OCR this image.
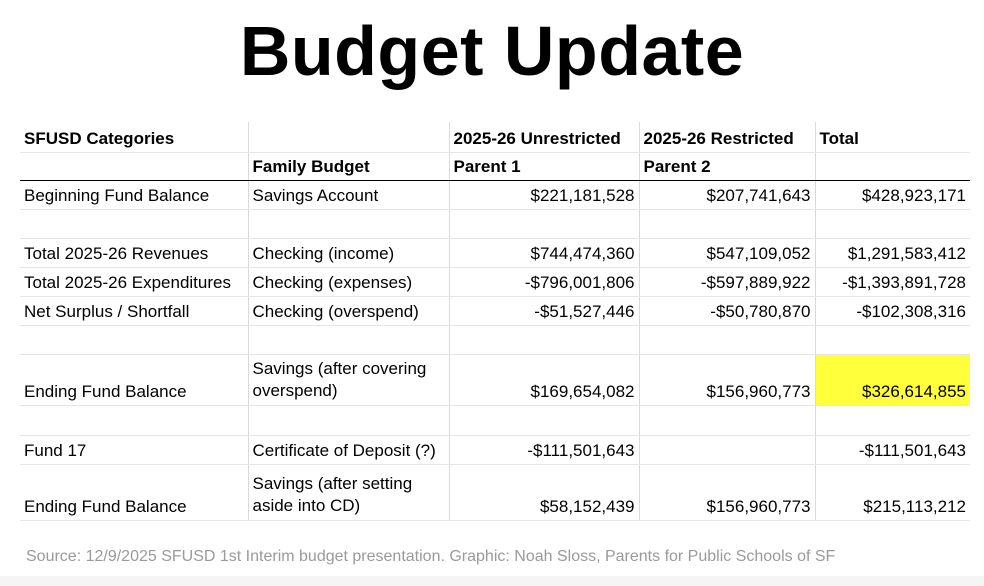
Budget Update
SFUSD Categories		2025-26 Unrestricted	2025-26 Restricted	Total
	Family Budget	Parent 1	Parent 2	
Beginning Fund Balance	Savings Account	$221,181,528	$207,741,643	$428,923,171

Total 2025-26 Revenues	Checking (income)	$744,474,360	$547,109,052	$1,291,583,412
Total 2025-26 Expenditures	Checking (expenses)	-$796,001,806	-$597,889,922	-$1,393,891,728
Net Surplus / Shortfall	Checking (overspend)	-$51,527,446	-$50,780,870	-$102,308,316

Ending Fund Balance	Savings (after covering overspend)	$169,654,082	$156,960,773	$326,614,855

Fund 17	Certificate of Deposit (?)	-$111,501,643		-$111,501,643
Ending Fund Balance	Savings (after setting aside into CD)	$58,152,439	$156,960,773	$215,113,212
Source: 12/9/2025 SFUSD 1st Interim budget presentation. Graphic: Noah Sloss, Parents for Public Schools of SF
